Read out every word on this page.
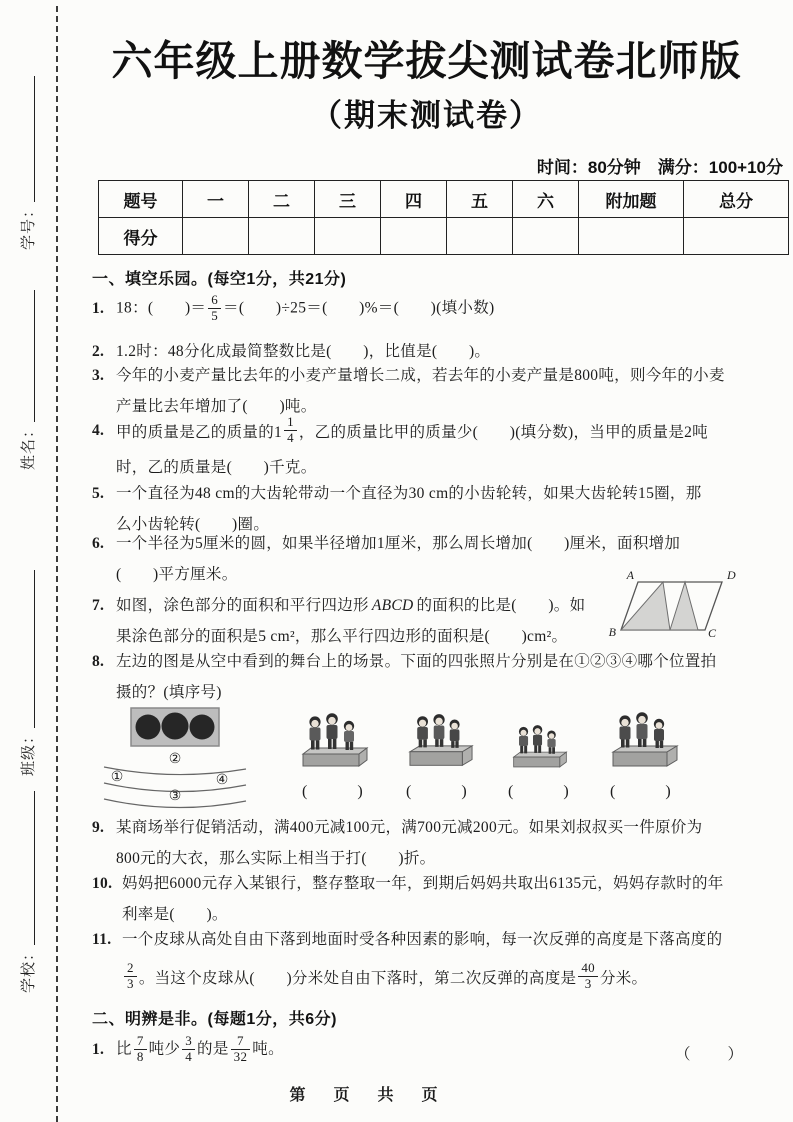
学号：
姓名：
班级：
学校：
六年级上册数学拔尖测试卷北师版
（期末测试卷）
时间：80分钟　满分：100+10分
题号	一	二	三	四	五	六	附加题	总分
得分								
一、填空乐园。(每空1分，共21分)
1. 18：(　　)＝ $\frac{6}{5}$ ＝(　　)÷25＝(　　)%＝(　　)(填小数)
2. 1.2时：48分化成最简整数比是(　　)，比值是(　　)。
3. 今年的小麦产量比去年的小麦产量增长二成，若去年的小麦产量是800吨，则今年的小麦
产量比去年增加了(　　)吨。
4. 甲的质量是乙的质量的$1 \frac{1}{4}$ ，乙的质量比甲的质量少(　　)(填分数)，当甲的质量是2吨
时，乙的质量是(　　)千克。
5. 一个直径为48 cm的大齿轮带动一个直径为30 cm的小齿轮转，如果大齿轮转15圈，那
么小齿轮转(　　)圈。
6. 一个半径为5厘米的圆，如果半径增加1厘米，那么周长增加(　　)厘米，面积增加
(　　)平方厘米。
7. 如图，涂色部分的面积和平行四边形 ABCD 的面积的比是(　　)。如
果涂色部分的面积是5 cm²，那么平行四边形的面积是(　　)cm²。
A	D
B	C
8. 左边的图是从空中看到的舞台上的场景。下面的四张照片分别是在①②③④哪个位置拍
摄的？(填序号)
②
①	④
③	(　　) (　　) (　　) (　　)
9. 某商场举行促销活动，满400元减100元，满700元减200元。如果刘叔叔买一件原价为
800元的大衣，那么实际上相当于打(　　)折。
10. 妈妈把6000元存入某银行，整存整取一年，到期后妈妈共取出6135元，妈妈存款时的年
利率是(　　)。
11. 一个皮球从高处自由下落到地面时受各种因素的影响，每一次反弹的高度是下落高度的
$\frac{2}{3}$ 。当这个皮球从(　　)分米处自由下落时，第二次反弹的高度是 $\frac{40}{3}$ 分米。
二、明辨是非。(每题1分，共6分)
1. 比 $\frac{7}{8}$ 吨少 $\frac{3}{4}$ 的是 $\frac{7}{32}$ 吨。	（　　）
第　页　共　页
